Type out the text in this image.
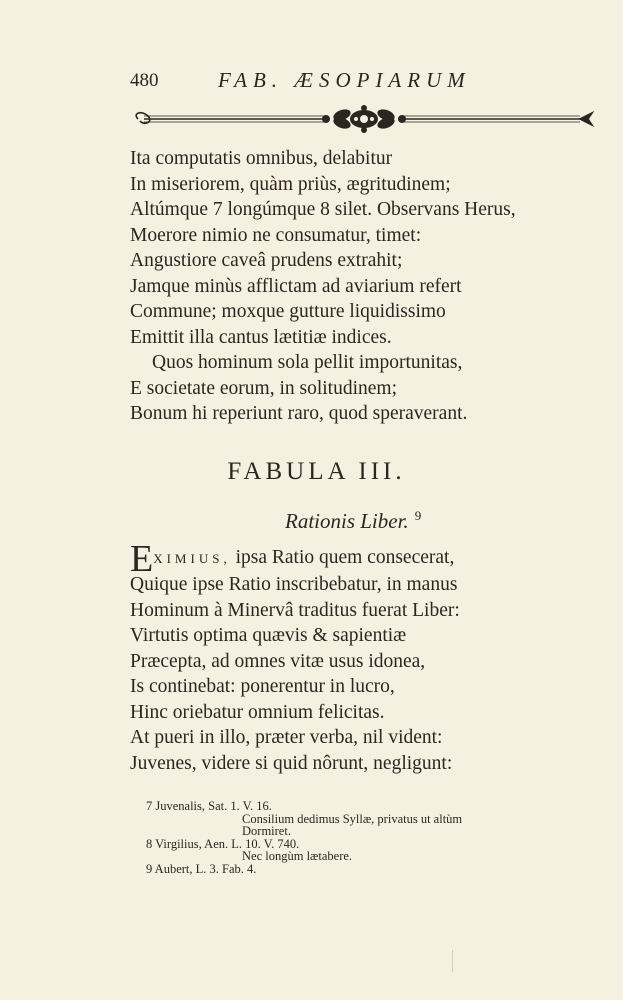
480	FAB. ÆSOPIARUM
Ita computatis omnibus, delabitur
In miseriorem, quàm priùs, ægritudinem;
Altúmque 7 longúmque 8 silet. Observans Herus,
Moerore nimio ne consumatur, timet:
Angustiore caveâ prudens extrahit;
Jamque minùs afflictam ad aviarium refert
Commune; moxque gutture liquidissimo
Emittit illa cantus lætitiæ indices.
Quos hominum sola pellit importunitas,
E societate eorum, in solitudinem;
Bonum hi reperiunt raro, quod speraverant.
FABULA III.
Rationis Liber. $^9$
EXIMIUS, ipsa Ratio quem consecerat,
Quique ipse Ratio inscribebatur, in manus
Hominum à Minervâ traditus fuerat Liber:
Virtutis optima quævis & sapientiæ
Præcepta, ad omnes vitæ usus idonea,
Is continebat: ponerentur in lucro,
Hinc oriebatur omnium felicitas.
At pueri in illo, præter verba, nil vident:
Juvenes, videre si quid nôrunt, negligunt:
7 Juvenalis, Sat. 1. V. 16.
Consilium dedimus Syllæ, privatus ut altùm
Dormiret.
8 Virgilius, Aen. L. 10. V. 740.
Nec longùm lætabere.
9 Aubert, L. 3. Fab. 4.
